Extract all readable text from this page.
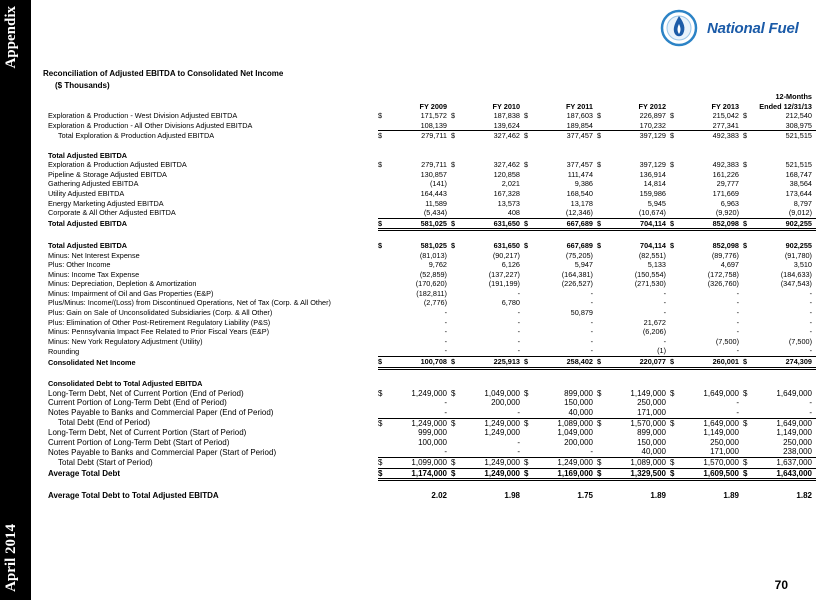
Appendix
April 2014
National Fuel
Reconciliation of Adjusted EBITDA to Consolidated Net Income
($ Thousands)
												12-Months
		FY 2009		FY 2010		FY 2011		FY 2012		FY 2013		Ended 12/31/13
Exploration & Production - West Division Adjusted EBITDA	$	171,572	$	187,838	$	187,603	$	226,897	$	215,042	$	212,540
Exploration & Production - All Other Divisions Adjusted EBITDA		108,139		139,624		189,854		170,232		277,341		308,975
Total Exploration & Production Adjusted EBITDA	$	279,711	$	327,462	$	377,457	$	397,129	$	492,383	$	521,515

Total Adjusted EBITDA												
Exploration & Production Adjusted EBITDA	$	279,711	$	327,462	$	377,457	$	397,129	$	492,383	$	521,515
Pipeline & Storage Adjusted EBITDA		130,857		120,858		111,474		136,914		161,226		168,747
Gathering Adjusted EBITDA		(141)		2,021		9,386		14,814		29,777		38,564
Utility Adjusted EBITDA		164,443		167,328		168,540		159,986		171,669		173,644
Energy Marketing Adjusted EBITDA		11,589		13,573		13,178		5,945		6,963		8,797
Corporate & All Other Adjusted EBITDA		(5,434)		408		(12,346)		(10,674)		(9,920)		(9,012)
Total Adjusted EBITDA	$	581,025	$	631,650	$	667,689	$	704,114	$	852,098	$	902,255

Total Adjusted EBITDA	$	581,025	$	631,650	$	667,689	$	704,114	$	852,098	$	902,255
Minus: Net Interest Expense		(81,013)		(90,217)		(75,205)		(82,551)		(89,776)		(91,780)
Plus: Other Income		9,762		6,126		5,947		5,133		4,697		3,510
Minus: Income Tax Expense		(52,859)		(137,227)		(164,381)		(150,554)		(172,758)		(184,633)
Minus: Depreciation, Depletion & Amortization		(170,620)		(191,199)		(226,527)		(271,530)		(326,760)		(347,543)
Minus: Impairment of Oil and Gas Properties (E&P)		(182,811)		-		-		-		-		-
Plus/Minus: Income/(Loss) from Discontinued Operations, Net of Tax (Corp. & All Other)		(2,776)		6,780		-		-		-		-
Plus: Gain on Sale of Unconsolidated Subsidiaries (Corp. & All Other)		-		-		50,879		-		-		-
Plus: Elimination of Other Post-Retirement Regulatory Liability (P&S)		-		-		-		21,672		-		-
Minus: Pennsylvania Impact Fee Related to Prior Fiscal Years (E&P)		-		-		-		(6,206)		-		-
Minus: New York Regulatory Adjustment (Utility)		-		-		-		-		(7,500)		(7,500)
Rounding		-		-		-		(1)		-		-
Consolidated Net Income	$	100,708	$	225,913	$	258,402	$	220,077	$	260,001	$	274,309

Consolidated Debt to Total Adjusted EBITDA												
Long-Term Debt, Net of Current Portion (End of Period)	$	1,249,000	$	1,049,000	$	899,000	$	1,149,000	$	1,649,000	$	1,649,000
Current Portion of Long-Term Debt (End of Period)		-		200,000		150,000		250,000		-		-
Notes Payable to Banks and Commercial Paper (End of Period)		-		-		40,000		171,000		-		-
Total Debt (End of Period)	$	1,249,000	$	1,249,000	$	1,089,000	$	1,570,000	$	1,649,000	$	1,649,000
Long-Term Debt, Net of Current Portion (Start of Period)		999,000		1,249,000		1,049,000		899,000		1,149,000		1,149,000
Current Portion of Long-Term Debt (Start of Period)		100,000		-		200,000		150,000		250,000		250,000
Notes Payable to Banks and Commercial Paper (Start of Period)		-		-		-		40,000		171,000		238,000
Total Debt (Start of Period)	$	1,099,000	$	1,249,000	$	1,249,000	$	1,089,000	$	1,570,000	$	1,637,000
Average Total Debt	$	1,174,000	$	1,249,000	$	1,169,000	$	1,329,500	$	1,609,500	$	1,643,000

Average Total Debt to Total Adjusted EBITDA		2.02		1.98		1.75		1.89		1.89		1.82
70
